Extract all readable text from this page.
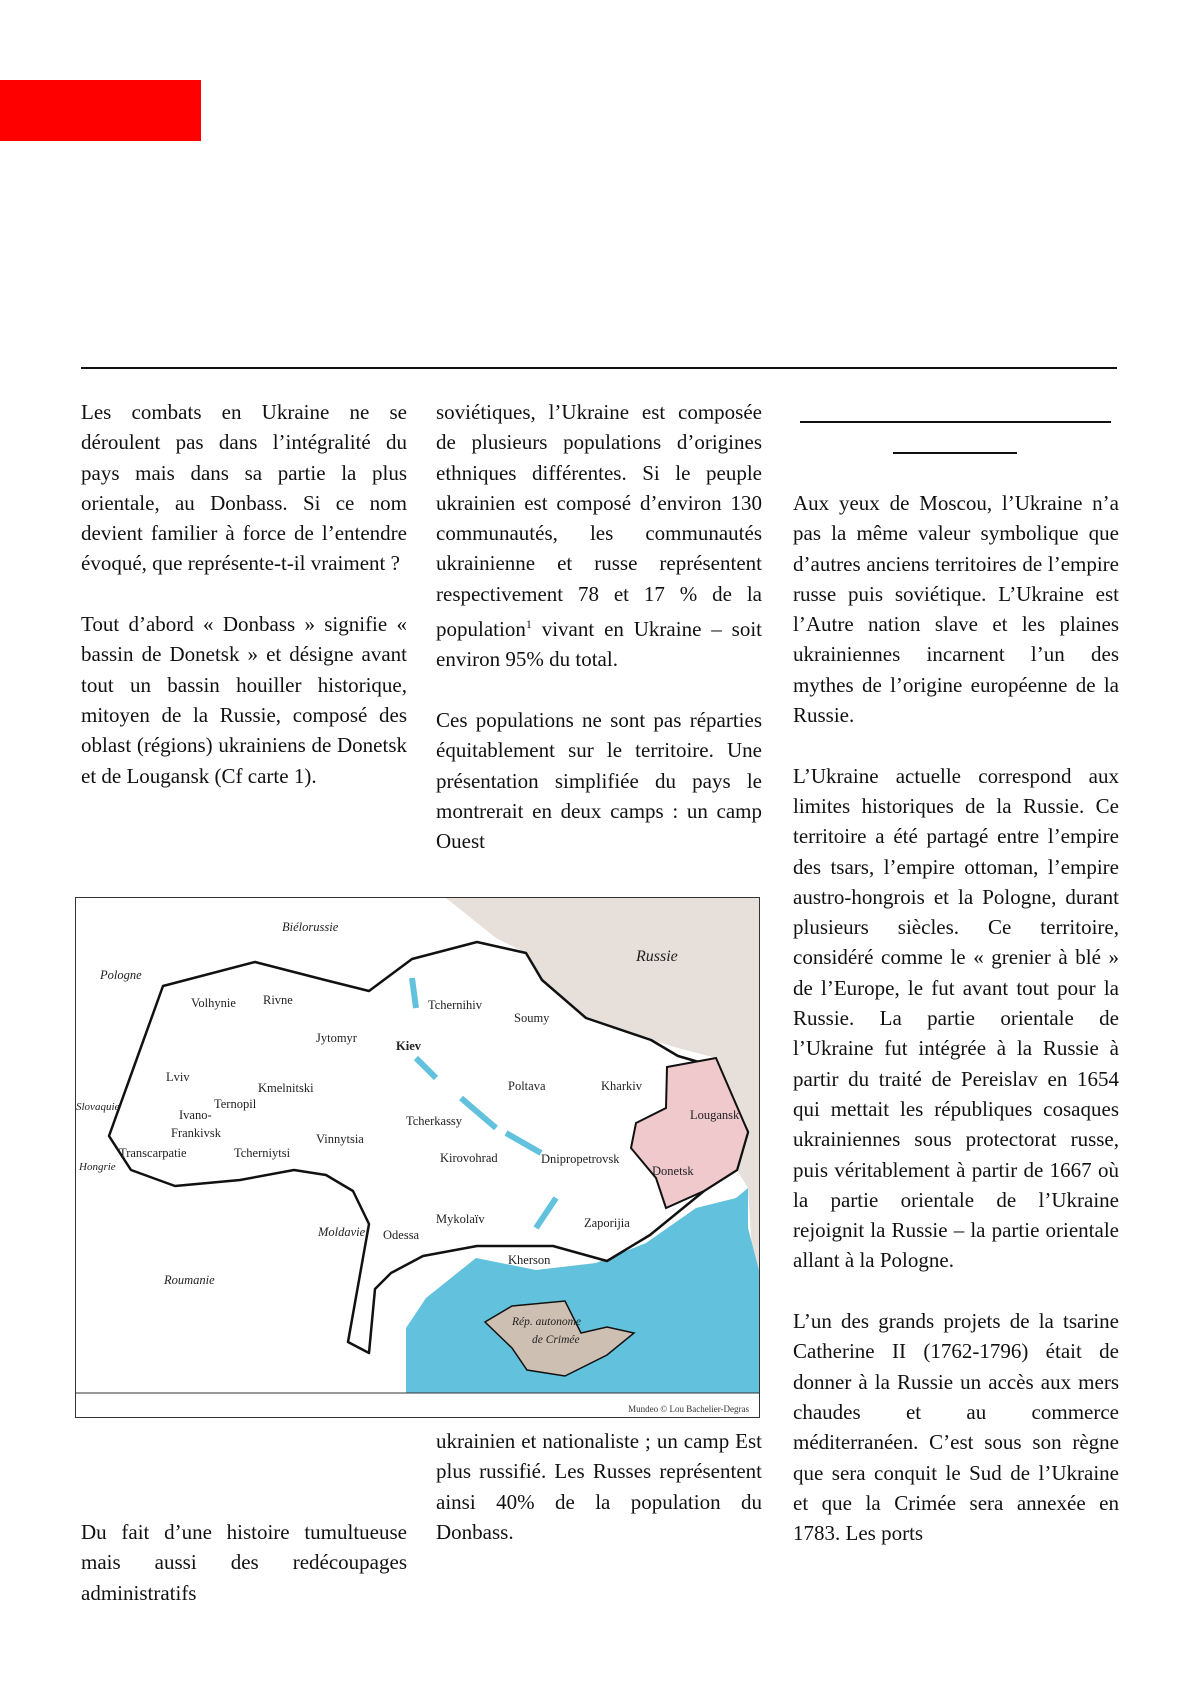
Les combats en Ukraine ne se déroulent pas dans l’intégralité du pays mais dans sa partie la plus orientale, au Donbass. Si ce nom devient familier à force de l’entendre évoqué, que représente-t-il vraiment ?

Tout d’abord « Donbass » signifie « bassin de Donetsk » et désigne avant tout un bassin houiller historique, mitoyen de la Russie, composé des oblast (régions) ukrainiens de Donetsk et de Lougansk (Cf carte 1).

Du fait d’une histoire tumultueuse mais aussi des redécoupages administratifs

soviétiques, l’Ukraine est composée de plusieurs populations d’origines ethniques différentes. Si le peuple ukrainien est composé d’environ 130 communautés, les communautés ukrainienne et russe représentent respectivement 78 et 17 % de la population$^1$ vivant en Ukraine – soit environ 95% du total.

Ces populations ne sont pas réparties équitablement sur le territoire. Une présentation simplifiée du pays le montrerait en deux camps : un camp Ouest

ukrainien et nationaliste ; un camp Est plus russifié. Les Russes représentent ainsi 40% de la population du Donbass.

Aux yeux de Moscou, l’Ukraine n’a pas la même valeur symbolique que d’autres anciens territoires de l’empire russe puis soviétique. L’Ukraine est l’Autre nation slave et les plaines ukrainiennes incarnent l’un des mythes de l’origine européenne de la Russie.

L’Ukraine actuelle correspond aux limites historiques de la Russie. Ce territoire a été partagé entre l’empire des tsars, l’empire ottoman, l’empire austro-hongrois et la Pologne, durant plusieurs siècles. Ce territoire, considéré comme le « grenier à blé » de l’Europe, le fut avant tout pour la Russie. La partie orientale de l’Ukraine fut intégrée à la Russie à partir du traité de Pereislav en 1654 qui mettait les républiques cosaques ukrainiennes sous protectorat russe, puis véritablement à partir de 1667 où la partie orientale de l’Ukraine rejoignit la Russie – la partie orientale allant à la Pologne.

L’un des grands projets de la tsarine Catherine II (1762-1796) était de donner à la Russie un accès aux mers chaudes et au commerce méditerranéen. C’est sous son règne que sera conquit le Sud de l’Ukraine et que la Crimée sera annexée en 1783. Les ports

Biélorussie
Pologne
Russie
Slovaquie
Hongrie
Moldavie
Roumanie
Volhynie Rivne
Jytomyr
Tchernihiv
Soumy
Kiev
Lviv
Kmelnitski
Ternopil
Ivano-
Frankivsk
Poltava	Kharkiv
Lougansk
Tcherkassy
Vinnytsia
Transcarpatie	Tcherniytsi	Kirovohrad	Dnipropetrovsk
Donetsk
Mykolaïv	Zaporijia
Odessa
Kherson
Rép. autonome
de Crimée
Mundeo © Lou Bachelier-Degras
